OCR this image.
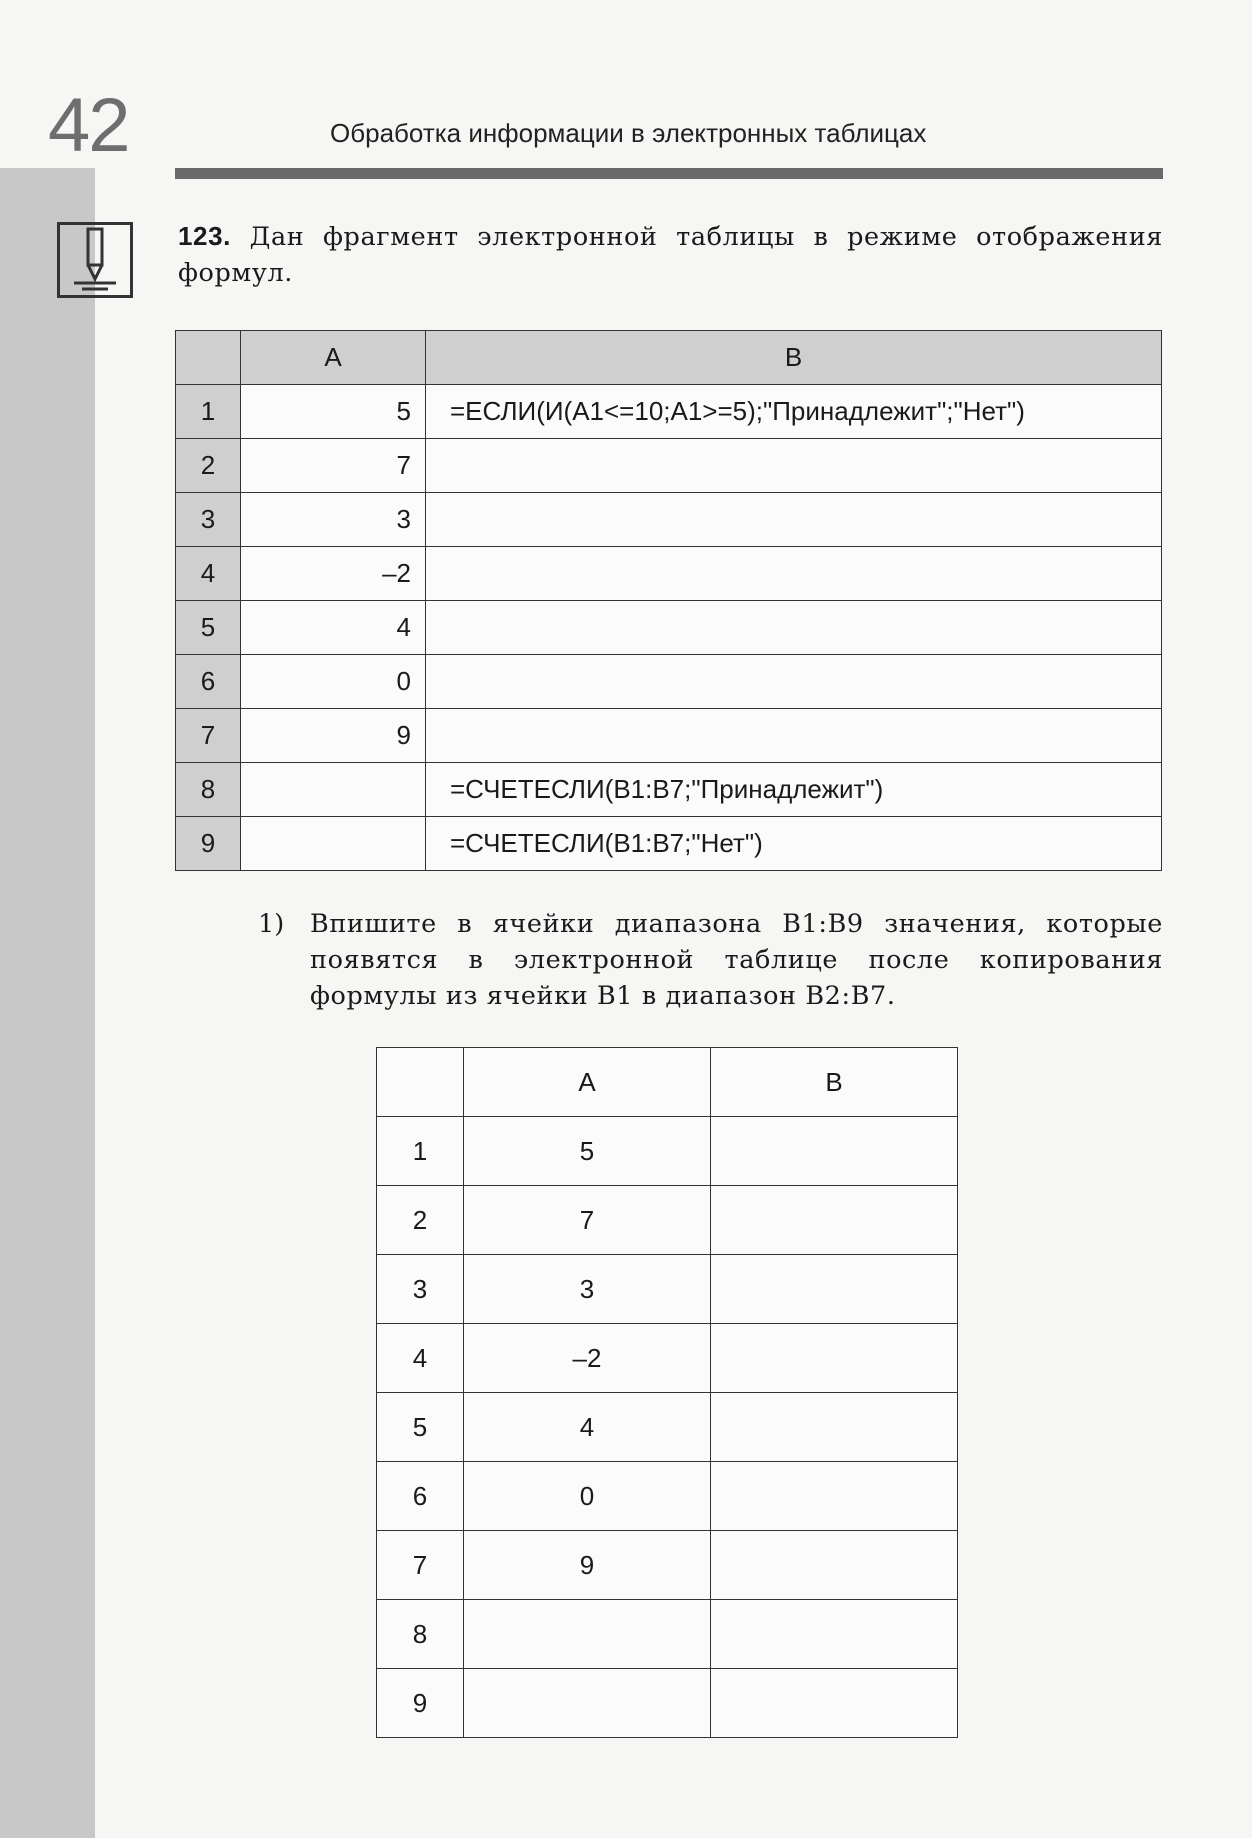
42	Обработка информации в электронных таблицах
123. Дан фрагмент электронной таблицы в режиме отображения формул.
	A	B
1	5	=ЕСЛИ(И(A1<=10;A1>=5);"Принадлежит";"Нет")
2	7	
3	3	
4	–2	
5	4	
6	0	
7	9	
8		=СЧЕТЕСЛИ(B1:B7;"Принадлежит")
9		=СЧЕТЕСЛИ(B1:B7;"Нет")
1) Впишите в ячейки диапазона B1:B9 значения, которые появятся в электронной таблице после копирования формулы из ячейки B1 в диапазон B2:B7.
	A	B
1	5	
2	7	
3	3	
4	–2	
5	4	
6	0	
7	9	
8		
9		
